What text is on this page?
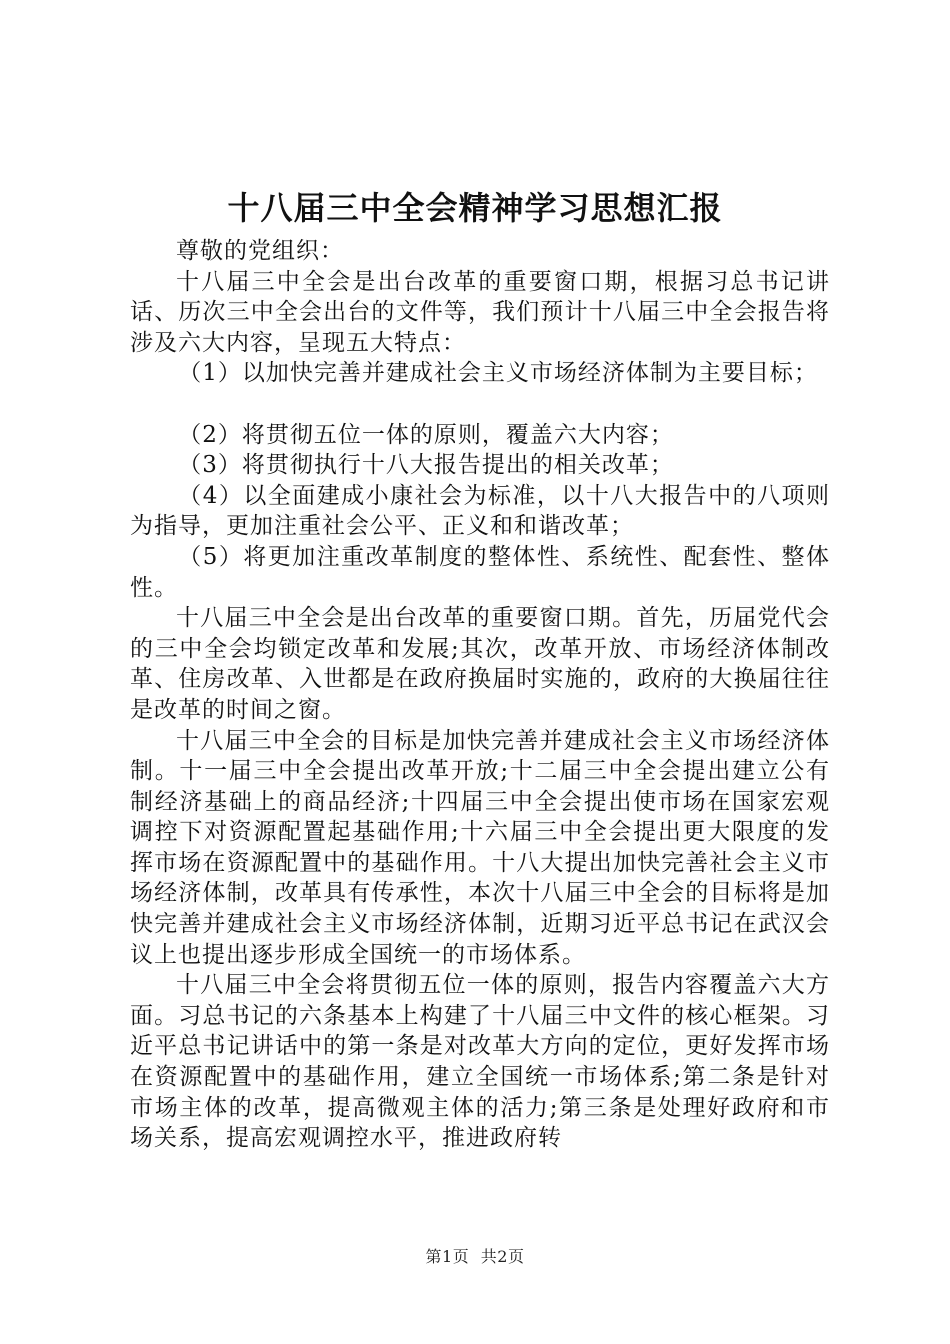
十八届三中全会精神学习思想汇报

尊敬的党组织：

十八届三中全会是出台改革的重要窗口期，根据习总书记讲话、历次三中全会出台的文件等，我们预计十八届三中全会报告将涉及六大内容，呈现五大特点：

（1）以加快完善并建成社会主义市场经济体制为主要目标；

（2）将贯彻五位一体的原则，覆盖六大内容；

（3）将贯彻执行十八大报告提出的相关改革；

（4）以全面建成小康社会为标准，以十八大报告中的八项则为指导，更加注重社会公平、正义和和谐改革；

（5）将更加注重改革制度的整体性、系统性、配套性、整体性。

十八届三中全会是出台改革的重要窗口期。首先，历届党代会的三中全会均锁定改革和发展;其次，改革开放、市场经济体制改革、住房改革、入世都是在政府换届时实施的，政府的大换届往往是改革的时间之窗。

十八届三中全会的目标是加快完善并建成社会主义市场经济体制。十一届三中全会提出改革开放;十二届三中全会提出建立公有制经济基础上的商品经济;十四届三中全会提出使市场在国家宏观调控下对资源配置起基础作用;十六届三中全会提出更大限度的发挥市场在资源配置中的基础作用。十八大提出加快完善社会主义市场经济体制，改革具有传承性，本次十八届三中全会的目标将是加快完善并建成社会主义市场经济体制，近期习近平总书记在武汉会议上也提出逐步形成全国统一的市场体系。

十八届三中全会将贯彻五位一体的原则，报告内容覆盖六大方面。习总书记的六条基本上构建了十八届三中文件的核心框架。习近平总书记讲话中的第一条是对改革大方向的定位，更好发挥市场在资源配置中的基础作用，建立全国统一市场体系;第二条是针对市场主体的改革，提高微观主体的活力;第三条是处理好政府和市场关系，提高宏观调控水平，推进政府转

第1页 共2页
